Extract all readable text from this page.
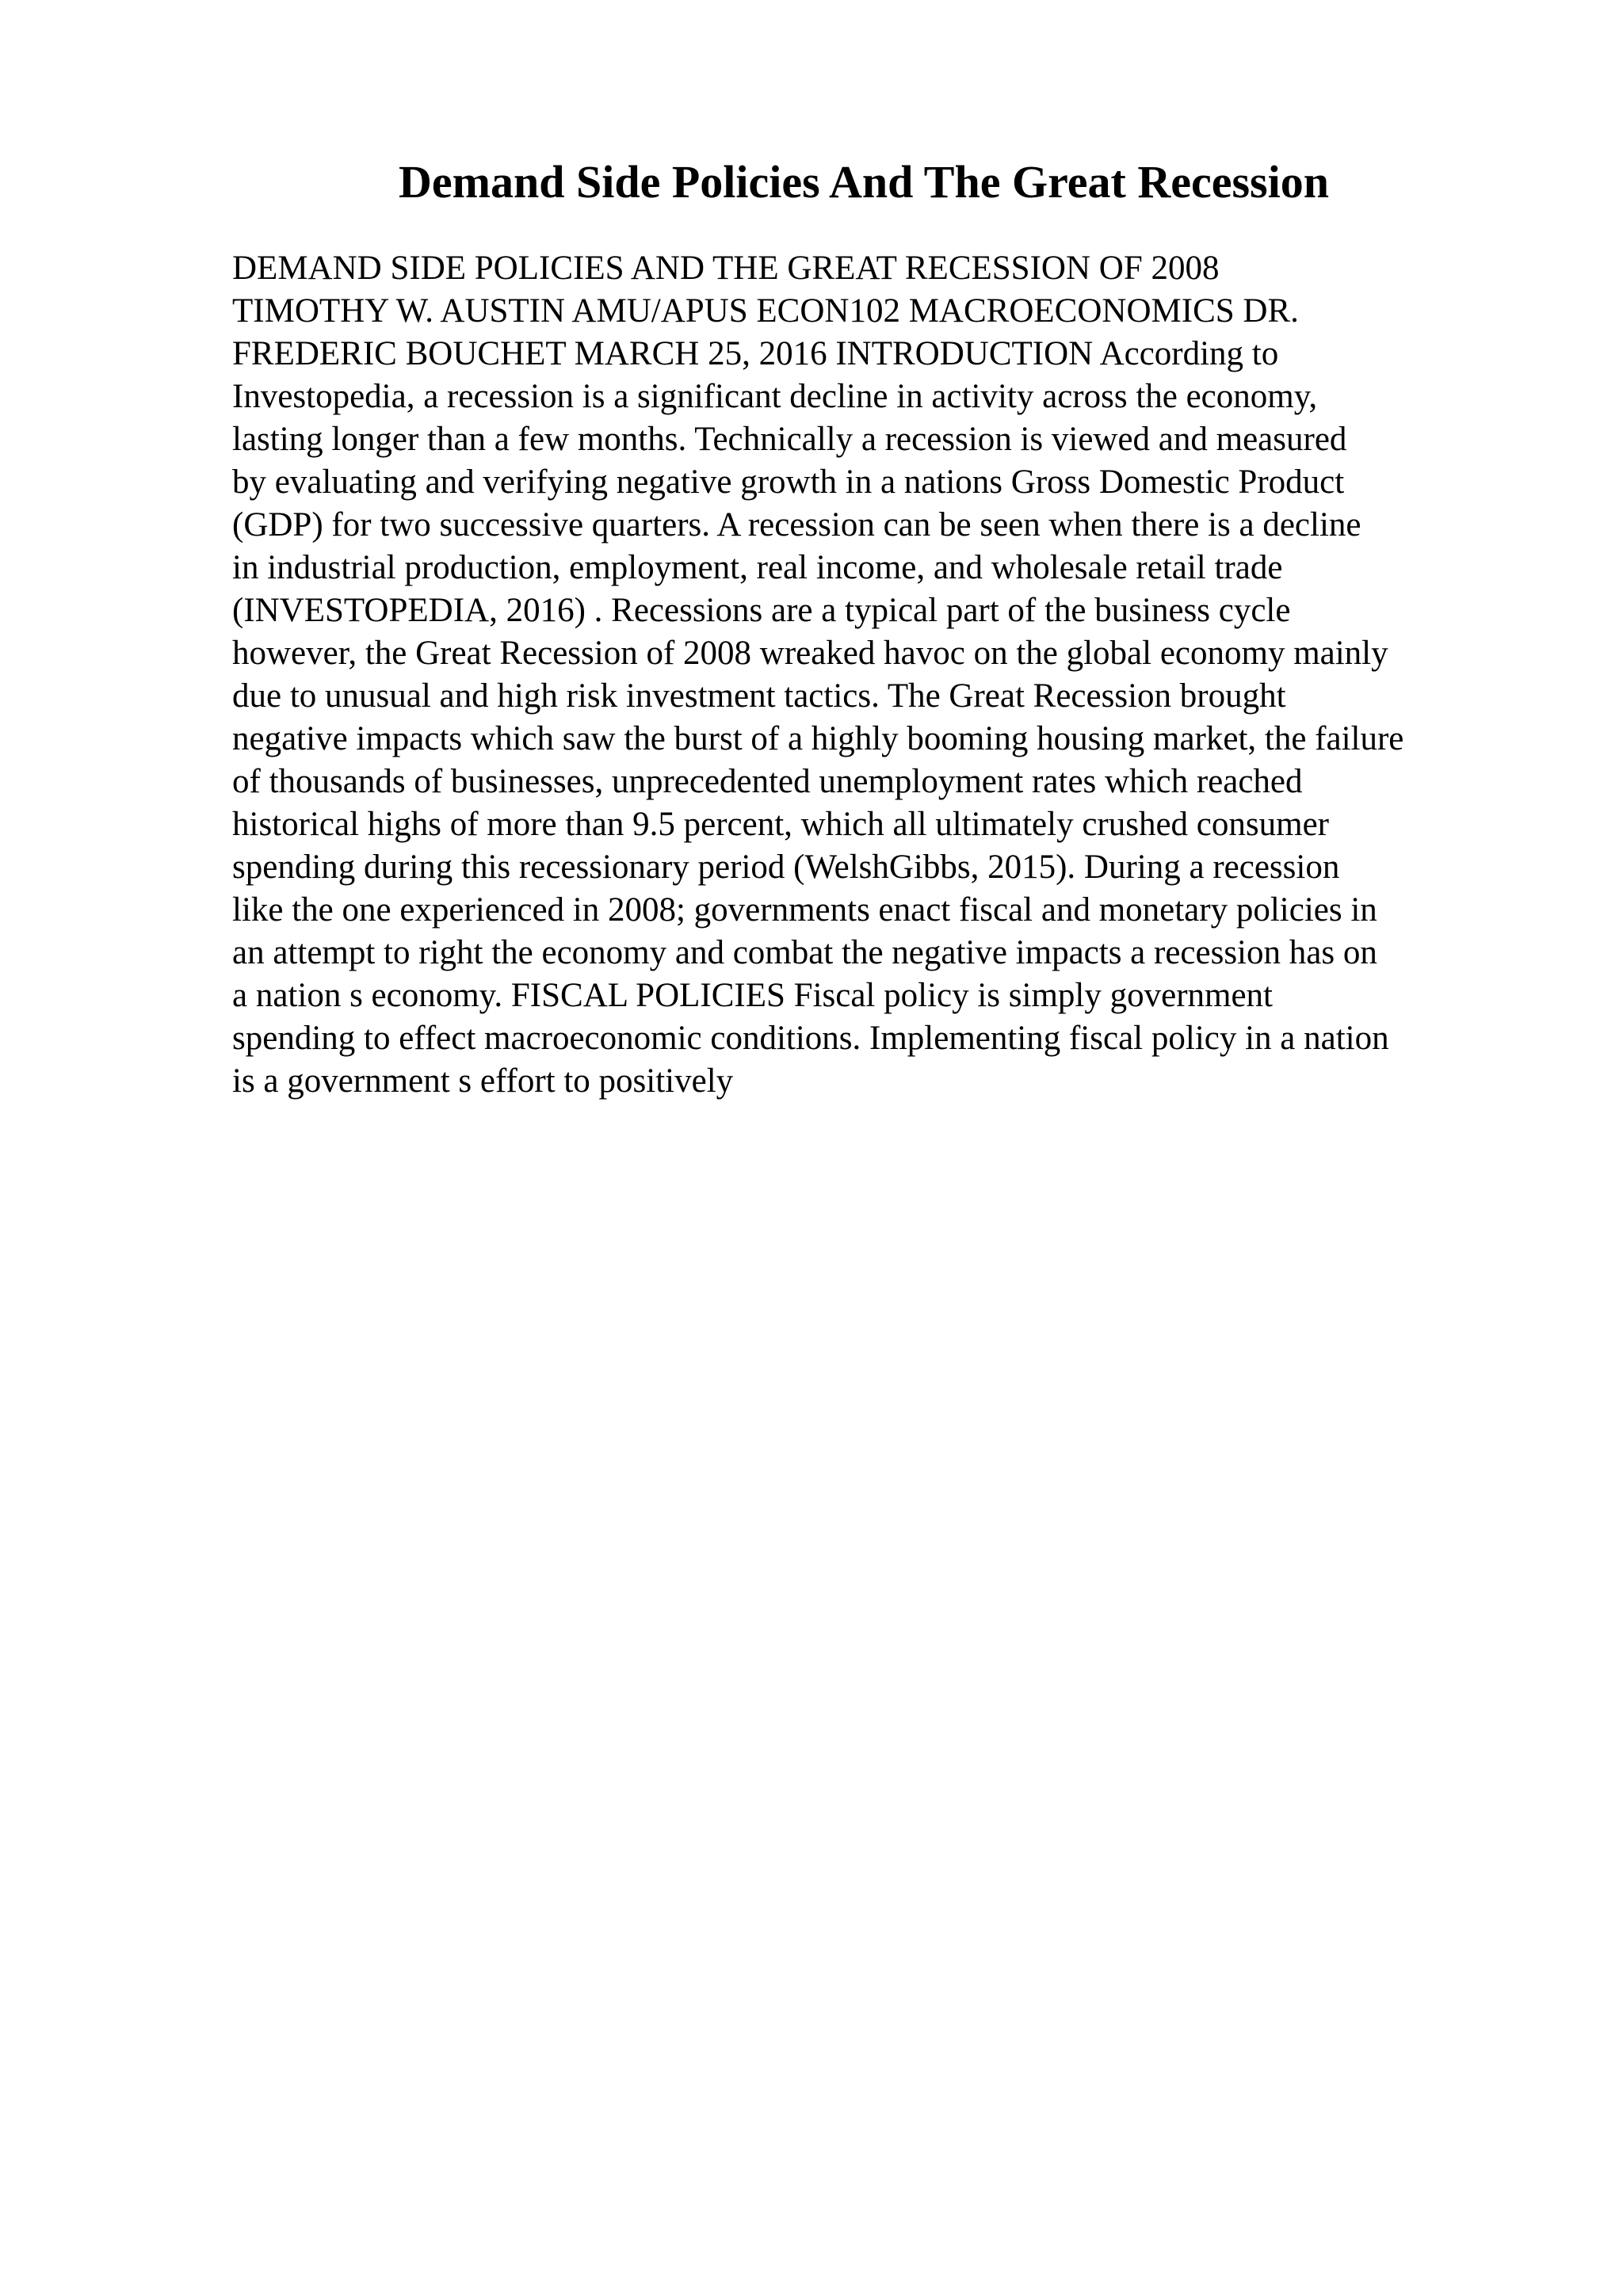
Demand Side Policies And The Great Recession
DEMAND SIDE POLICIES AND THE GREAT RECESSION OF 2008
TIMOTHY W. AUSTIN AMU/APUS ECON102 MACROECONOMICS DR.
FREDERIC BOUCHET MARCH 25, 2016 INTRODUCTION According to
Investopedia, a recession is a significant decline in activity across the economy,
lasting longer than a few months. Technically a recession is viewed and measured
by evaluating and verifying negative growth in a nations Gross Domestic Product
(GDP) for two successive quarters. A recession can be seen when there is a decline
in industrial production, employment, real income, and wholesale retail trade
(INVESTOPEDIA, 2016) . Recessions are a typical part of the business cycle
however, the Great Recession of 2008 wreaked havoc on the global economy mainly
due to unusual and high risk investment tactics. The Great Recession brought
negative impacts which saw the burst of a highly booming housing market, the failure
of thousands of businesses, unprecedented unemployment rates which reached
historical highs of more than 9.5 percent, which all ultimately crushed consumer
spending during this recessionary period (WelshGibbs, 2015). During a recession
like the one experienced in 2008; governments enact fiscal and monetary policies in
an attempt to right the economy and combat the negative impacts a recession has on
a nation s economy. FISCAL POLICIES Fiscal policy is simply government
spending to effect macroeconomic conditions. Implementing fiscal policy in a nation
is a government s effort to positively
